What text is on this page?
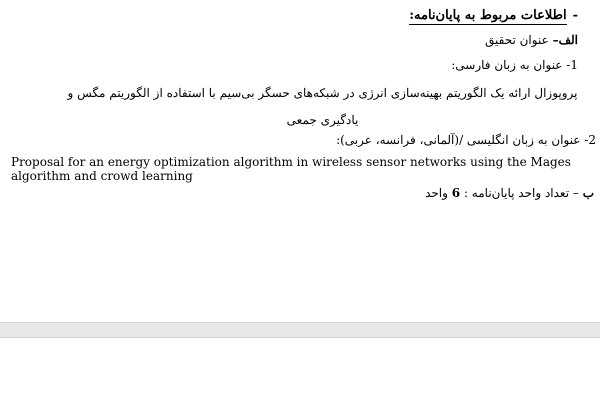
-اطلاعات مربوط به پایان‌نامه:
الف– عنوان تحقیق
1- عنوان به زبان فارسی:
پروپوزال ارائه یک الگوریتم بهینه‌سازی انرژی در شبکه‌های حسگر بی‌سیم با استفاده از الگوریتم مگس و یادگیری جمعی
2- عنوان به زبان انگلیسی /(آلمانی، فرانسه، عربی):
Proposal for an energy optimization algorithm in wireless sensor networks using the Mages algorithm and crowd learning
ب – تعداد واحد پایان‌نامه : 6 واحد
